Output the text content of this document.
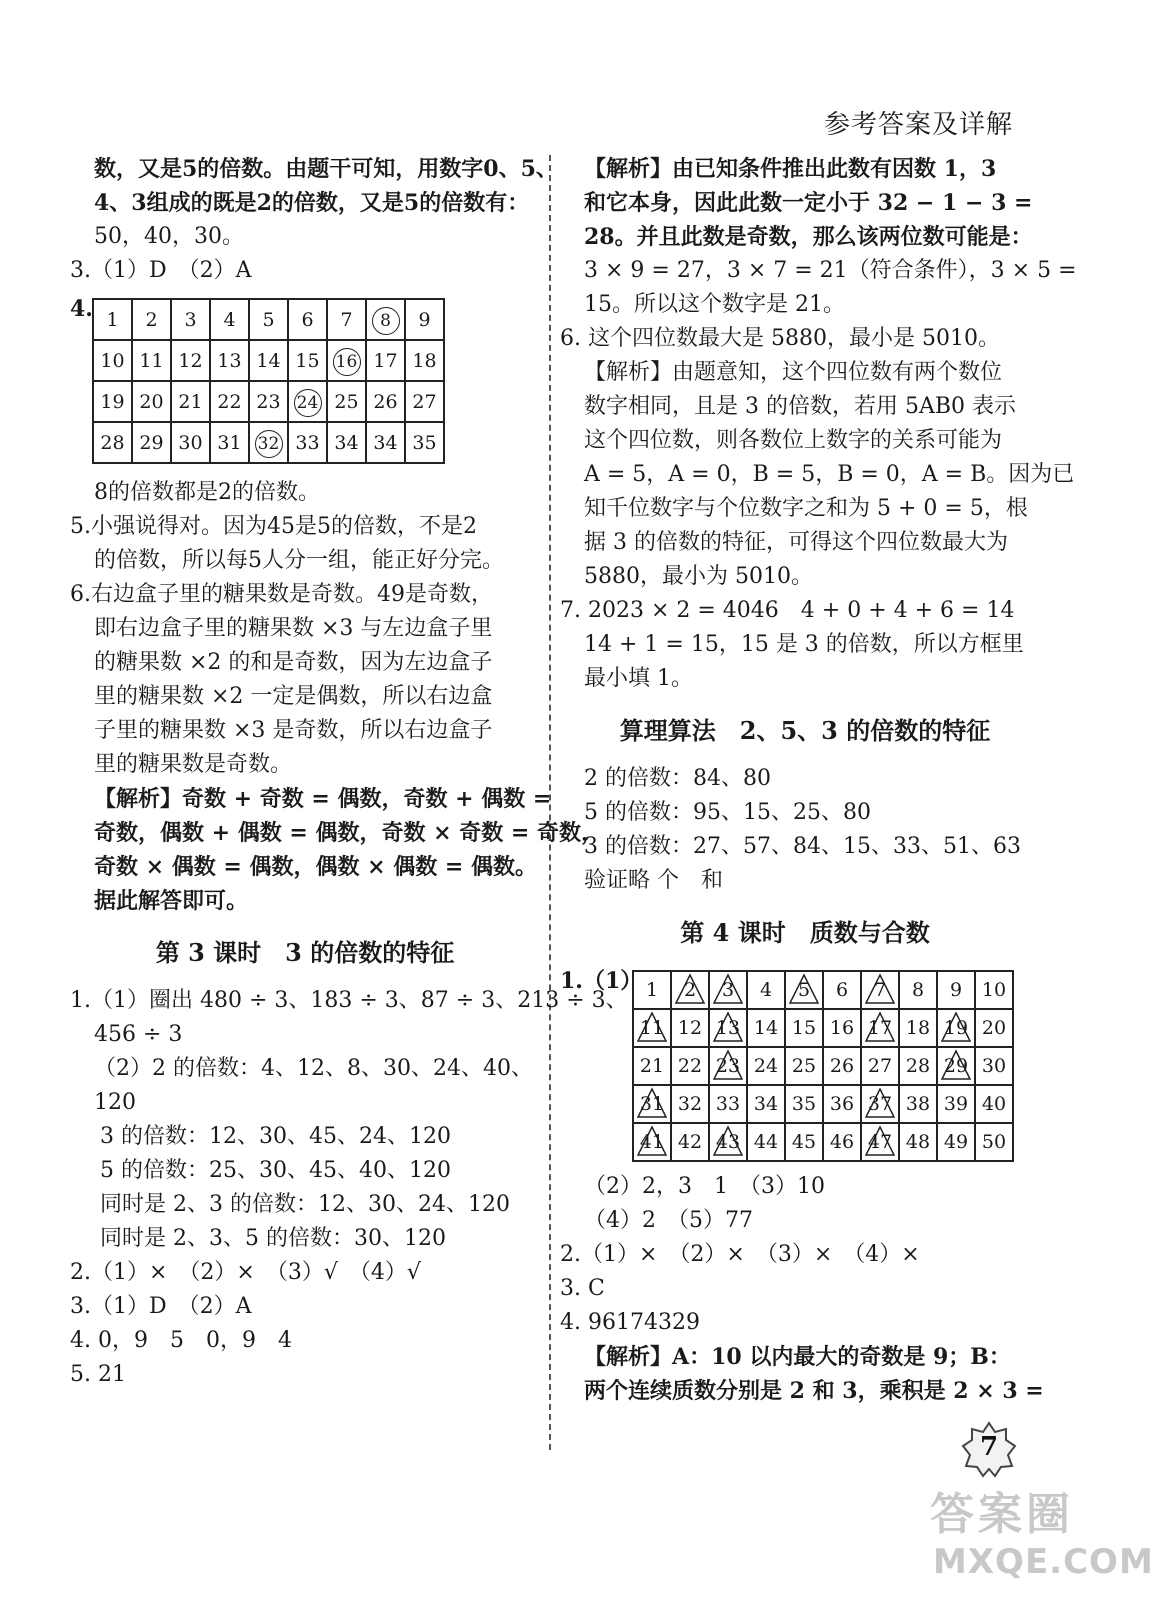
参考答案及详解
数，又是5的倍数。由题干可知，用数字0、5、
4、3组成的既是2的倍数，又是5的倍数有：
50，40，30。
3.（1）D　（2）A
4. 1	2	3	4	5	6	7	8	9
10	11	12	13	14	15	16	17	18
19	20	21	22	23	24	25	26	27
28	29	30	31	32	33	34	34	35
8的倍数都是2的倍数。
5.小强说得对。因为45是5的倍数，不是2
的倍数，所以每5人分一组，能正好分完。
6.右边盒子里的糖果数是奇数。49是奇数，
即右边盒子里的糖果数 ×3 与左边盒子里
的糖果数 ×2 的和是奇数，因为左边盒子
里的糖果数 ×2 一定是偶数，所以右边盒
子里的糖果数 ×3 是奇数，所以右边盒子
里的糖果数是奇数。
【解析】奇数 + 奇数 = 偶数，奇数 + 偶数 =
奇数，偶数 + 偶数 = 偶数，奇数 × 奇数 = 奇数，
奇数 × 偶数 = 偶数，偶数 × 偶数 = 偶数。
据此解答即可。
第 3 课时　3 的倍数的特征
1.（1）圈出 480 ÷ 3、183 ÷ 3、87 ÷ 3、213 ÷ 3、
456 ÷ 3
（2）2 的倍数：4、12、8、30、24、40、
120
3 的倍数：12、30、45、24、120
5 的倍数：25、30、45、40、120
同时是 2、3 的倍数：12、30、24、120
同时是 2、3、5 的倍数：30、120
2.（1）×　（2）×　（3）√　（4）√
3.（1）D　（2）A
4. 0，9　5　0，9　4
5. 21
【解析】由已知条件推出此数有因数 1，3
和它本身，因此此数一定小于 32 − 1 − 3 =
28。并且此数是奇数，那么该两位数可能是：
3 × 9 = 27，3 × 7 = 21（符合条件），3 × 5 =
15。所以这个数字是 21。
6. 这个四位数最大是 5880，最小是 5010。
【解析】由题意知，这个四位数有两个数位
数字相同，且是 3 的倍数，若用 5AB0 表示
这个四位数，则各数位上数字的关系可能为
A = 5，A = 0，B = 5，B = 0，A = B。因为已
知千位数字与个位数字之和为 5 + 0 = 5，根
据 3 的倍数的特征，可得这个四位数最大为
5880，最小为 5010。
7. 2023 × 2 = 4046　4 + 0 + 4 + 6 = 14
14 + 1 = 15，15 是 3 的倍数，所以方框里
最小填 1。
算理算法　2、5、3 的倍数的特征
2 的倍数：84、80
5 的倍数：95、15、25、80
3 的倍数：27、57、84、15、33、51、63
验证略 个　和
第 4 课时　质数与合数
1.（1） 1	2	3	4	5	6	7	8	9	10

11	12	13	14	15	16	17	18	19	20
21	22	23	24	25	26	27	28	29	30

31	32	33	34	35	36	37	38	39	40

41	42	43	44	45	46	47	48	49	50
（2）2，3　1　（3）10
（4）2　（5）77
2.（1）×　（2）×　（3）×　（4）×
3. C
4. 96174329
【解析】A：10 以内最大的奇数是 9；B：
两个连续质数分别是 2 和 3，乘积是 2 × 3 =
7
答案圈
MXQE.COM
